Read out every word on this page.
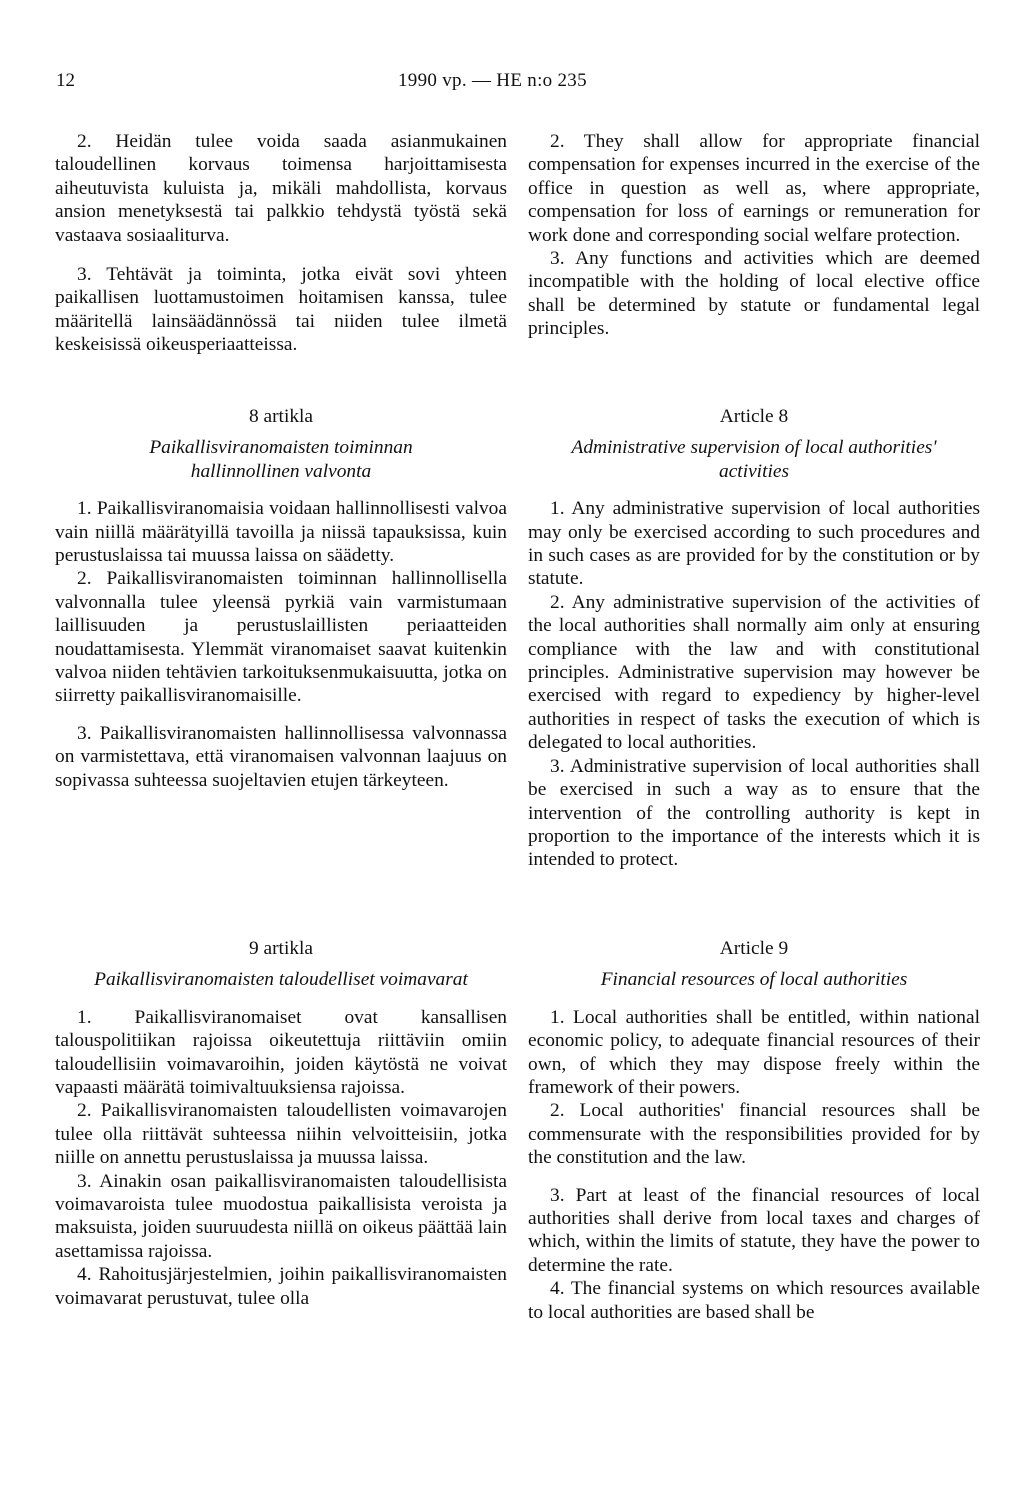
12	1990 vp. — HE n:o 235

2. Heidän tulee voida saada asianmukainen taloudellinen korvaus toimensa harjoittamisesta aiheutuvista kuluista ja, mikäli mahdollista, korvaus ansion menetyksestä tai palkkio tehdystä työstä sekä vastaava sosiaaliturva.

3. Tehtävät ja toiminta, jotka eivät sovi yhteen paikallisen luottamustoimen hoitamisen kanssa, tulee määritellä lainsäädännössä tai niiden tulee ilmetä keskeisissä oikeusperiaatteissa.

8 artikla
Paikallisviranomaisten toiminnan hallinnollinen valvonta

1. Paikallisviranomaisia voidaan hallinnollisesti valvoa vain niillä määrätyillä tavoilla ja niissä tapauksissa, kuin perustuslaissa tai muussa laissa on säädetty.

2. Paikallisviranomaisten toiminnan hallinnollisella valvonnalla tulee yleensä pyrkiä vain varmistumaan laillisuuden ja perustuslaillisten periaatteiden noudattamisesta. Ylemmät viranomaiset saavat kuitenkin valvoa niiden tehtävien tarkoituksenmukaisuutta, jotka on siirretty paikallisviranomaisille.

3. Paikallisviranomaisten hallinnollisessa valvonnassa on varmistettava, että viranomaisen valvonnan laajuus on sopivassa suhteessa suojeltavien etujen tärkeyteen.

9 artikla
Paikallisviranomaisten taloudelliset voimavarat

1. Paikallisviranomaiset ovat kansallisen talouspolitiikan rajoissa oikeutettuja riittäviin omiin taloudellisiin voimavaroihin, joiden käytöstä ne voivat vapaasti määrätä toimivaltuuksiensa rajoissa.

2. Paikallisviranomaisten taloudellisten voimavarojen tulee olla riittävät suhteessa niihin velvoitteisiin, jotka niille on annettu perustuslaissa ja muussa laissa.

3. Ainakin osan paikallisviranomaisten taloudellisista voimavaroista tulee muodostua paikallisista veroista ja maksuista, joiden suuruudesta niillä on oikeus päättää lain asettamissa rajoissa.

4. Rahoitusjärjestelmien, joihin paikallisviranomaisten voimavarat perustuvat, tulee olla

2. They shall allow for appropriate financial compensation for expenses incurred in the exercise of the office in question as well as, where appropriate, compensation for loss of earnings or remuneration for work done and corresponding social welfare protection.

3. Any functions and activities which are deemed incompatible with the holding of local elective office shall be determined by statute or fundamental legal principles.

Article 8
Administrative supervision of local authorities' activities

1. Any administrative supervision of local authorities may only be exercised according to such procedures and in such cases as are provided for by the constitution or by statute.

2. Any administrative supervision of the activities of the local authorities shall normally aim only at ensuring compliance with the law and with constitutional principles. Administrative supervision may however be exercised with regard to expediency by higher-level authorities in respect of tasks the execution of which is delegated to local authorities.

3. Administrative supervision of local authorities shall be exercised in such a way as to ensure that the intervention of the controlling authority is kept in proportion to the importance of the interests which it is intended to protect.

Article 9
Financial resources of local authorities

1. Local authorities shall be entitled, within national economic policy, to adequate financial resources of their own, of which they may dispose freely within the framework of their powers.

2. Local authorities' financial resources shall be commensurate with the responsibilities provided for by the constitution and the law.

3. Part at least of the financial resources of local authorities shall derive from local taxes and charges of which, within the limits of statute, they have the power to determine the rate.

4. The financial systems on which resources available to local authorities are based shall be
